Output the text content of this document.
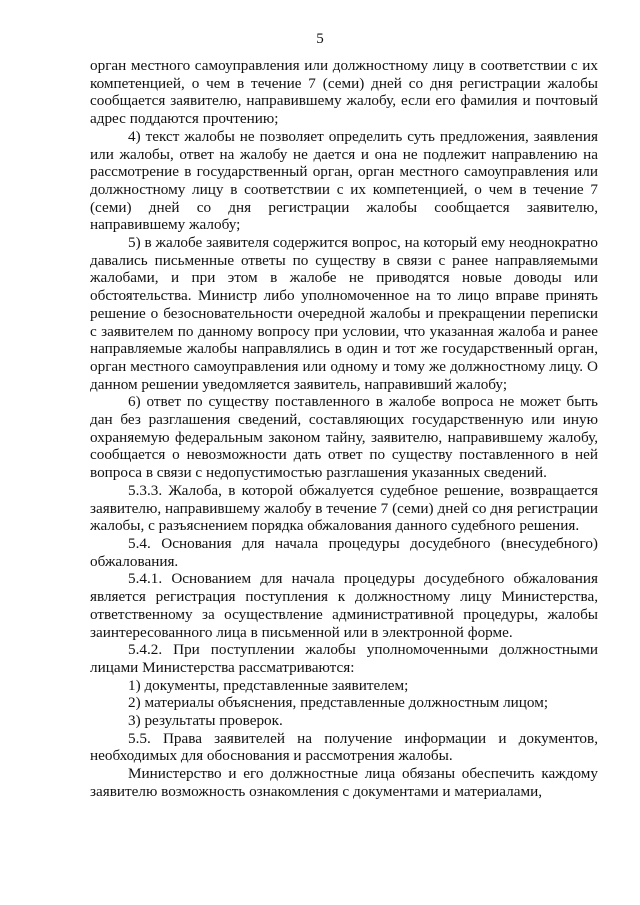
5

орган местного самоуправления или должностному лицу в соответствии с их компетенцией, о чем в течение 7 (семи) дней со дня регистрации жалобы сообщается заявителю, направившему жалобу, если его фамилия и почтовый адрес поддаются прочтению;

4) текст жалобы не позволяет определить суть предложения, заявления или жалобы, ответ на жалобу не дается и она не подлежит направлению на рассмотрение в государственный орган, орган местного самоуправления или должностному лицу в соответствии с их компетенцией, о чем в течение 7 (семи) дней со дня регистрации жалобы сообщается заявителю, направившему жалобу;

5) в жалобе заявителя содержится вопрос, на который ему неоднократно давались письменные ответы по существу в связи с ранее направляемыми жалобами, и при этом в жалобе не приводятся новые доводы или обстоятельства. Министр либо уполномоченное на то лицо вправе принять решение о безосновательности очередной жалобы и прекращении переписки с заявителем по данному вопросу при условии, что указанная жалоба и ранее направляемые жалобы направлялись в один и тот же государственный орган, орган местного самоуправления или одному и тому же должностному лицу. О данном решении уведомляется заявитель, направивший жалобу;

6) ответ по существу поставленного в жалобе вопроса не может быть дан без разглашения сведений, составляющих государственную или иную охраняемую федеральным законом тайну, заявителю, направившему жалобу, сообщается о невозможности дать ответ по существу поставленного в ней вопроса в связи с недопустимостью разглашения указанных сведений.

5.3.3. Жалоба, в которой обжалуется судебное решение, возвращается заявителю, направившему жалобу в течение 7 (семи) дней со дня регистрации жалобы, с разъяснением порядка обжалования данного судебного решения.

5.4. Основания для начала процедуры досудебного (внесудебного) обжалования.

5.4.1. Основанием для начала процедуры досудебного обжалования является регистрация поступления к должностному лицу Министерства, ответственному за осуществление административной процедуры, жалобы заинтересованного лица в письменной или в электронной форме.

5.4.2. При поступлении жалобы уполномоченными должностными лицами Министерства рассматриваются:

1) документы, представленные заявителем;

2) материалы объяснения, представленные должностным лицом;

3) результаты проверок.

5.5. Права заявителей на получение информации и документов, необходимых для обоснования и рассмотрения жалобы.

Министерство и его должностные лица обязаны обеспечить каждому заявителю возможность ознакомления с документами и материалами,
